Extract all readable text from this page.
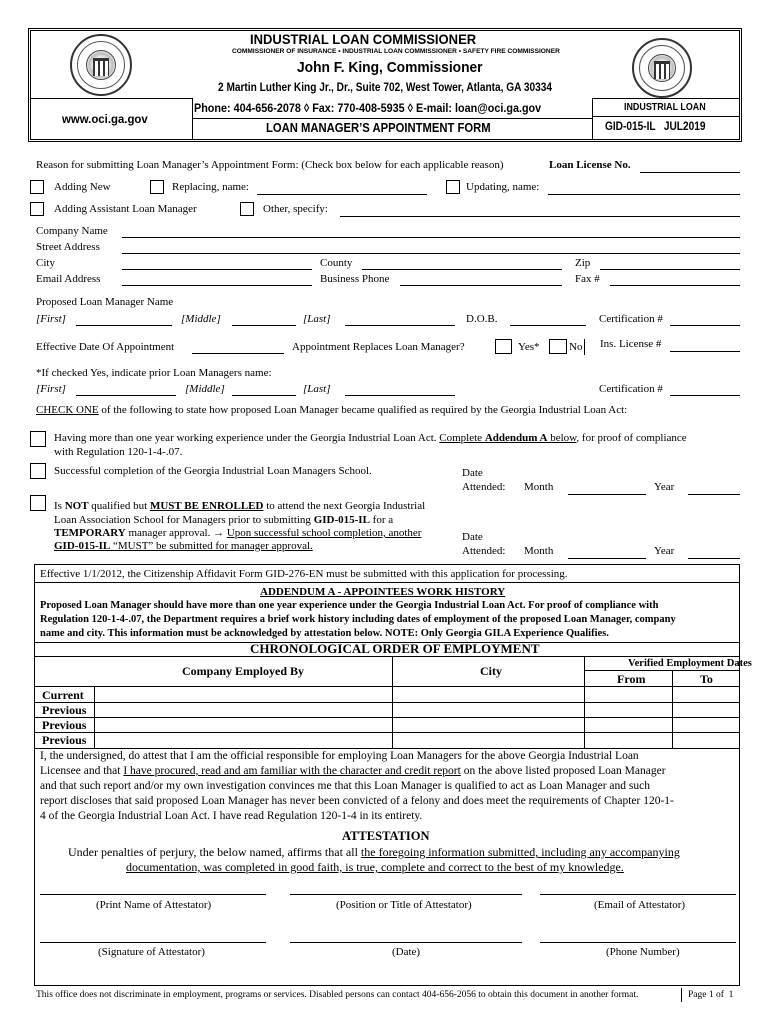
INDUSTRIAL LOAN COMMISSIONER
COMMISSIONER OF INSURANCE • INDUSTRIAL LOAN COMMISSIONER • SAFETY FIRE COMMISSIONER
John F. King, Commissioner
2 Martin Luther King Jr., Dr., Suite 702, West Tower, Atlanta, GA 30334
Phone: 404-656-2078 ◊ Fax: 770-408-5935 ◊ E-mail: loan@oci.ga.gov
www.oci.ga.gov
LOAN MANAGER’S APPOINTMENT FORM
INDUSTRIAL LOAN
GID-015-IL   JUL2019
Reason for submitting Loan Manager’s Appointment Form: (Check box below for each applicable reason)	Loan License No.
Adding New	Replacing, name:	Updating, name:
Adding Assistant Loan Manager	Other, specify:
Company Name
Street Address
City	County	Zip
Email Address	Business Phone	Fax #
Proposed Loan Manager Name
[First]	[Middle]	[Last]	D.O.B.	Certification #
Effective Date Of Appointment	Appointment Replaces Loan Manager?	Yes*	No Ins. License #
*If checked Yes, indicate prior Loan Managers name:
[First]	[Middle]	[Last]	Certification #
CHECK ONE of the following to state how proposed Loan Manager became qualified as required by the Georgia Industrial Loan Act:
Having more than one year working experience under the Georgia Industrial Loan Act. Complete Addendum A below, for proof of compliance
with Regulation 120-1-4-.07.
Successful completion of the Georgia Industrial Loan Managers School.	Date
Attended: Month	Year
Is NOT qualified but MUST BE ENROLLED to attend the next Georgia Industrial
Loan Association School for Managers prior to submitting GID-015-IL for a
TEMPORARY manager approval. → Upon successful school completion, another
GID-015-IL “MUST” be submitted for manager approval.
Date
Attended: Month	Year
Effective 1/1/2012, the Citizenship Affidavit Form GID-276-EN must be submitted with this application for processing.
ADDENDUM A - APPOINTEES WORK HISTORY
Proposed Loan Manager should have more than one year experience under the Georgia Industrial Loan Act. For proof of compliance with
Regulation 120-1-4-.07, the Department requires a brief work history including dates of employment of the proposed Loan Manager, company
name and city. This information must be acknowledged by attestation below. NOTE: Only Georgia GILA Experience Qualifies.
CHRONOLOGICAL ORDER OF EMPLOYMENT
Company Employed By	City
Verified Employment Dates
From	To
Current
Previous
Previous
Previous
I, the undersigned, do attest that I am the official responsible for employing Loan Managers for the above Georgia Industrial Loan
Licensee and that I have procured, read and am familiar with the character and credit report on the above listed proposed Loan Manager
and that such report and/or my own investigation convinces me that this Loan Manager is qualified to act as Loan Manager and such
report discloses that said proposed Loan Manager has never been convicted of a felony and does meet the requirements of Chapter 120-1-
4 of the Georgia Industrial Loan Act. I have read Regulation 120-1-4 in its entirety.
ATTESTATION
Under penalties of perjury, the below named, affirms that all the foregoing information submitted, including any accompanying
documentation, was completed in good faith, is true, complete and correct to the best of my knowledge.
(Print Name of Attestator)	(Position or Title of Attestator)	(Email of Attestator)
(Signature of Attestator)	(Date)	(Phone Number)
This office does not discriminate in employment, programs or services. Disabled persons can contact 404-656-2056 to obtain this document in another format.	Page 1 of  1
